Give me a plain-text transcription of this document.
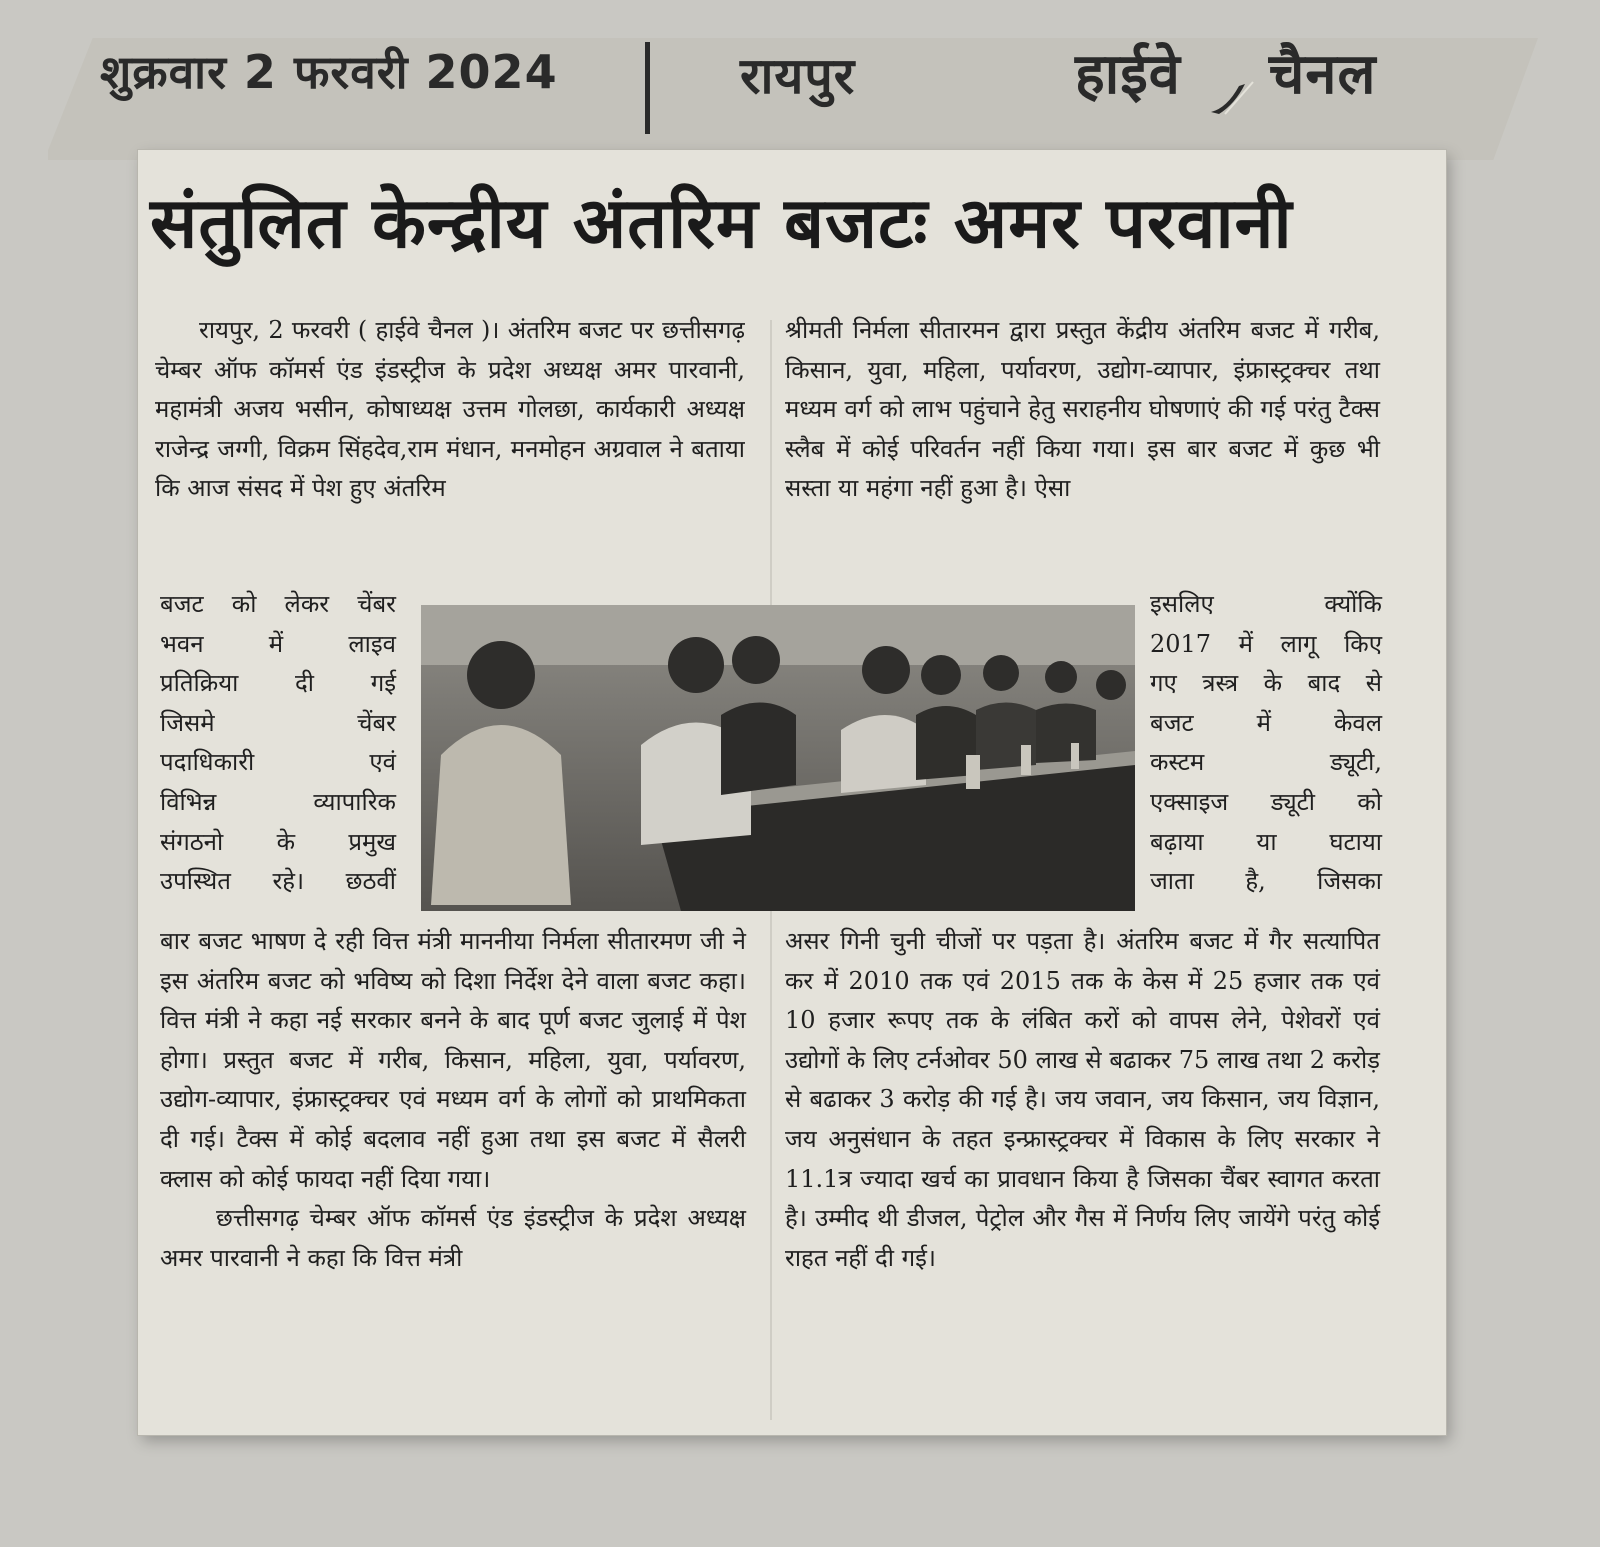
शुक्रवार 2 फरवरी 2024	रायपुर	हाईवे चैनल
संतुलित केन्द्रीय अंतरिम बजटः अमर परवानी
रायपुर, 2 फरवरी ( हाईवे चैनल )। अंतरिम बजट पर छत्तीसगढ़ चेम्बर ऑफ कॉमर्स एंड इंडस्ट्रीज के प्रदेश अध्यक्ष अमर पारवानी, महामंत्री अजय भसीन, कोषाध्यक्ष उत्तम गोलछा, कार्यकारी अध्यक्ष राजेन्द्र जग्गी, विक्रम सिंहदेव,राम मंधान, मनमोहन अग्रवाल ने बताया कि आज संसद में पेश हुए अंतरिम
बजट को लेकर चेंबर
भवन में लाइव
प्रतिक्रिया दी गई
जिसमे चेंबर
पदाधिकारी एवं
विभिन्न व्यापारिक
संगठनो के प्रमुख
उपस्थित रहे। छठवीं
बार बजट भाषण दे रही वित्त मंत्री माननीया निर्मला सीतारमण जी ने इस अंतरिम बजट को भविष्य को दिशा निर्देश देने वाला बजट कहा। वित्त मंत्री ने कहा नई सरकार बनने के बाद पूर्ण बजट जुलाई में पेश होगा। प्रस्तुत बजट में गरीब, किसान, महिला, युवा, पर्यावरण, उद्योग-व्यापार, इंफ्रास्ट्रक्चर एवं मध्यम वर्ग के लोगों को प्राथमिकता दी गई। टैक्स में कोई बदलाव नहीं हुआ तथा इस बजट में सैलरी क्लास को कोई फायदा नहीं दिया गया।
छत्तीसगढ़ चेम्बर ऑफ कॉमर्स एंड इंडस्ट्रीज के प्रदेश अध्यक्ष अमर पारवानी ने कहा कि वित्त मंत्री
श्रीमती निर्मला सीतारमन द्वारा प्रस्तुत केंद्रीय अंतरिम बजट में गरीब, किसान, युवा, महिला, पर्यावरण, उद्योग-व्यापार, इंफ्रास्ट्रक्चर तथा मध्यम वर्ग को लाभ पहुंचाने हेतु सराहनीय घोषणाएं की गई परंतु टैक्स स्लैब में कोई परिवर्तन नहीं किया गया। इस बार बजट में कुछ भी सस्ता या महंगा नहीं हुआ है। ऐसा
इसलिए क्योंकि
2017 में लागू किए
गए त्रस्त्र के बाद से
बजट में केवल
कस्टम ड्यूटी,
एक्साइज ड्यूटी को
बढ़ाया या घटाया
जाता है, जिसका
असर गिनी चुनी चीजों पर पड़ता है। अंतरिम बजट में गैर सत्यापित कर में 2010 तक एवं 2015 तक के केस में 25 हजार तक एवं 10 हजार रूपए तक के लंबित करों को वापस लेने, पेशेवरों एवं उद्योगों के लिए टर्नओवर 50 लाख से बढाकर 75 लाख तथा 2 करोड़ से बढाकर 3 करोड़ की गई है। जय जवान, जय किसान, जय विज्ञान, जय अनुसंधान के तहत इन्फ्रास्ट्रक्चर में विकास के लिए सरकार ने 11.1त्र ज्यादा खर्च का प्रावधान किया है जिसका चैंबर स्वागत करता है। उम्मीद थी डीजल, पेट्रोल और गैस में निर्णय लिए जायेंगे परंतु कोई राहत नहीं दी गई।
